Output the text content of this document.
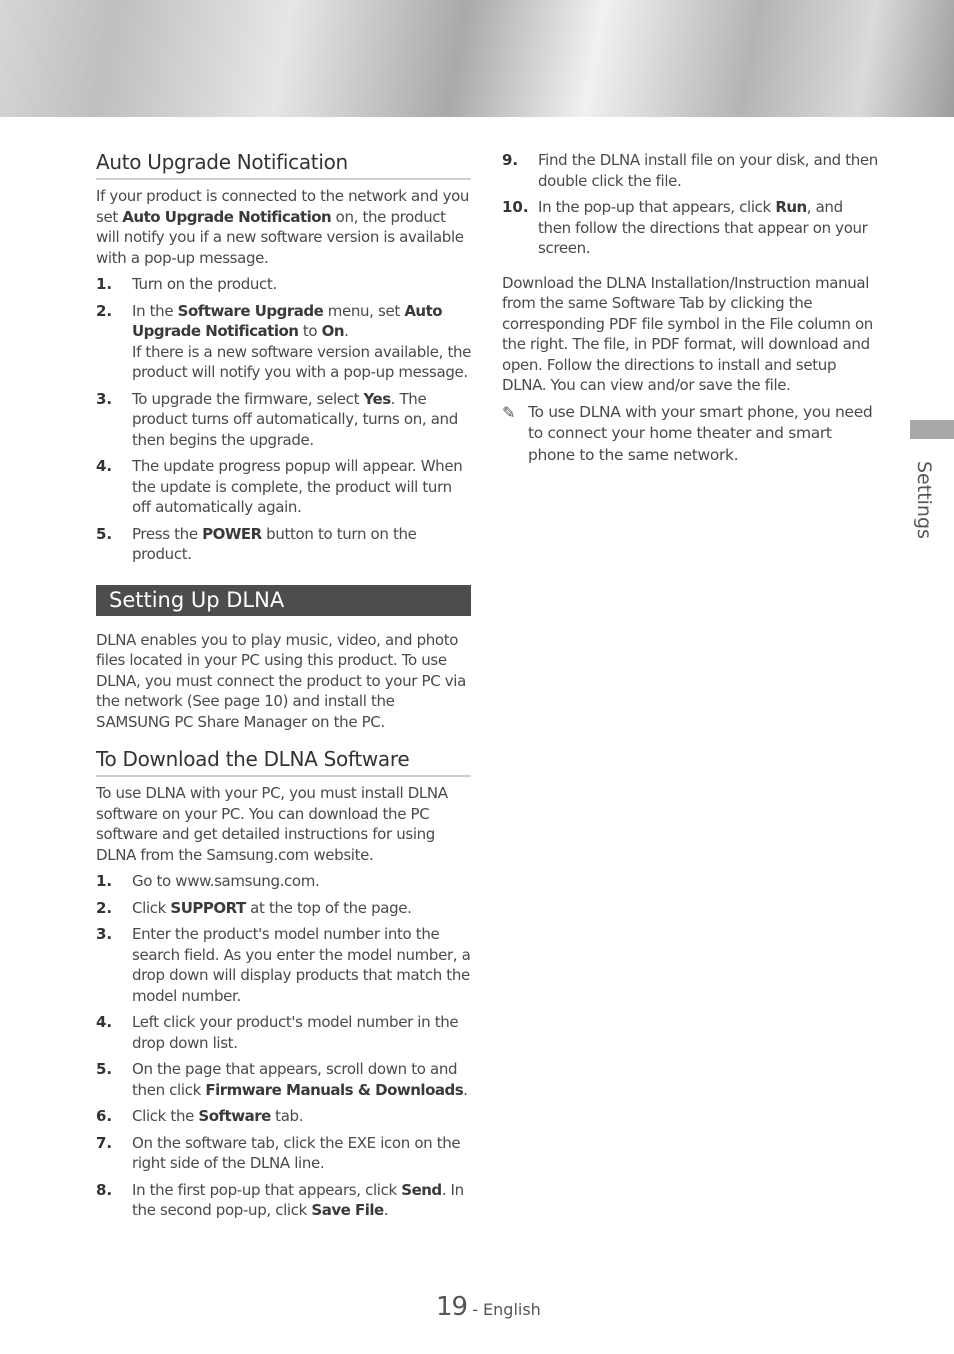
Auto Upgrade Notification

If your product is connected to the network and you set Auto Upgrade Notification on, the product will notify you if a new software version is available with a pop-up message.

1. Turn on the product.
2. In the Software Upgrade menu, set Auto Upgrade Notification to On.
If there is a new software version available, the product will notify you with a pop-up message.
3. To upgrade the firmware, select Yes. The product turns off automatically, turns on, and then begins the upgrade.
4. The update progress popup will appear. When the update is complete, the product will turn off automatically again.
5. Press the POWER button to turn on the product.
Setting Up DLNA

DLNA enables you to play music, video, and photo files located in your PC using this product. To use DLNA, you must connect the product to your PC via the network (See page 10) and install the SAMSUNG PC Share Manager on the PC.

To Download the DLNA Software

To use DLNA with your PC, you must install DLNA software on your PC. You can download the PC software and get detailed instructions for using DLNA from the Samsung.com website.

1. Go to www.samsung.com.
2. Click SUPPORT at the top of the page.
3. Enter the product's model number into the search field. As you enter the model number, a drop down will display products that match the model number.
4. Left click your product's model number in the drop down list.
5. On the page that appears, scroll down to and then click Firmware Manuals & Downloads.
6. Click the Software tab.
7. On the software tab, click the EXE icon on the right side of the DLNA line.
8. In the first pop-up that appears, click Send. In the second pop-up, click Save File.
9. Find the DLNA install file on your disk, and then double click the file.
10. In the pop-up that appears, click Run, and then follow the directions that appear on your screen.

Download the DLNA Installation/Instruction manual from the same Software Tab by clicking the corresponding PDF file symbol in the File column on the right. The file, in PDF format, will download and open. Follow the directions to install and setup DLNA. You can view and/or save the file.

✎ To use DLNA with your smart phone, you need to connect your home theater and smart phone to the same network.
Settings
19 - English
